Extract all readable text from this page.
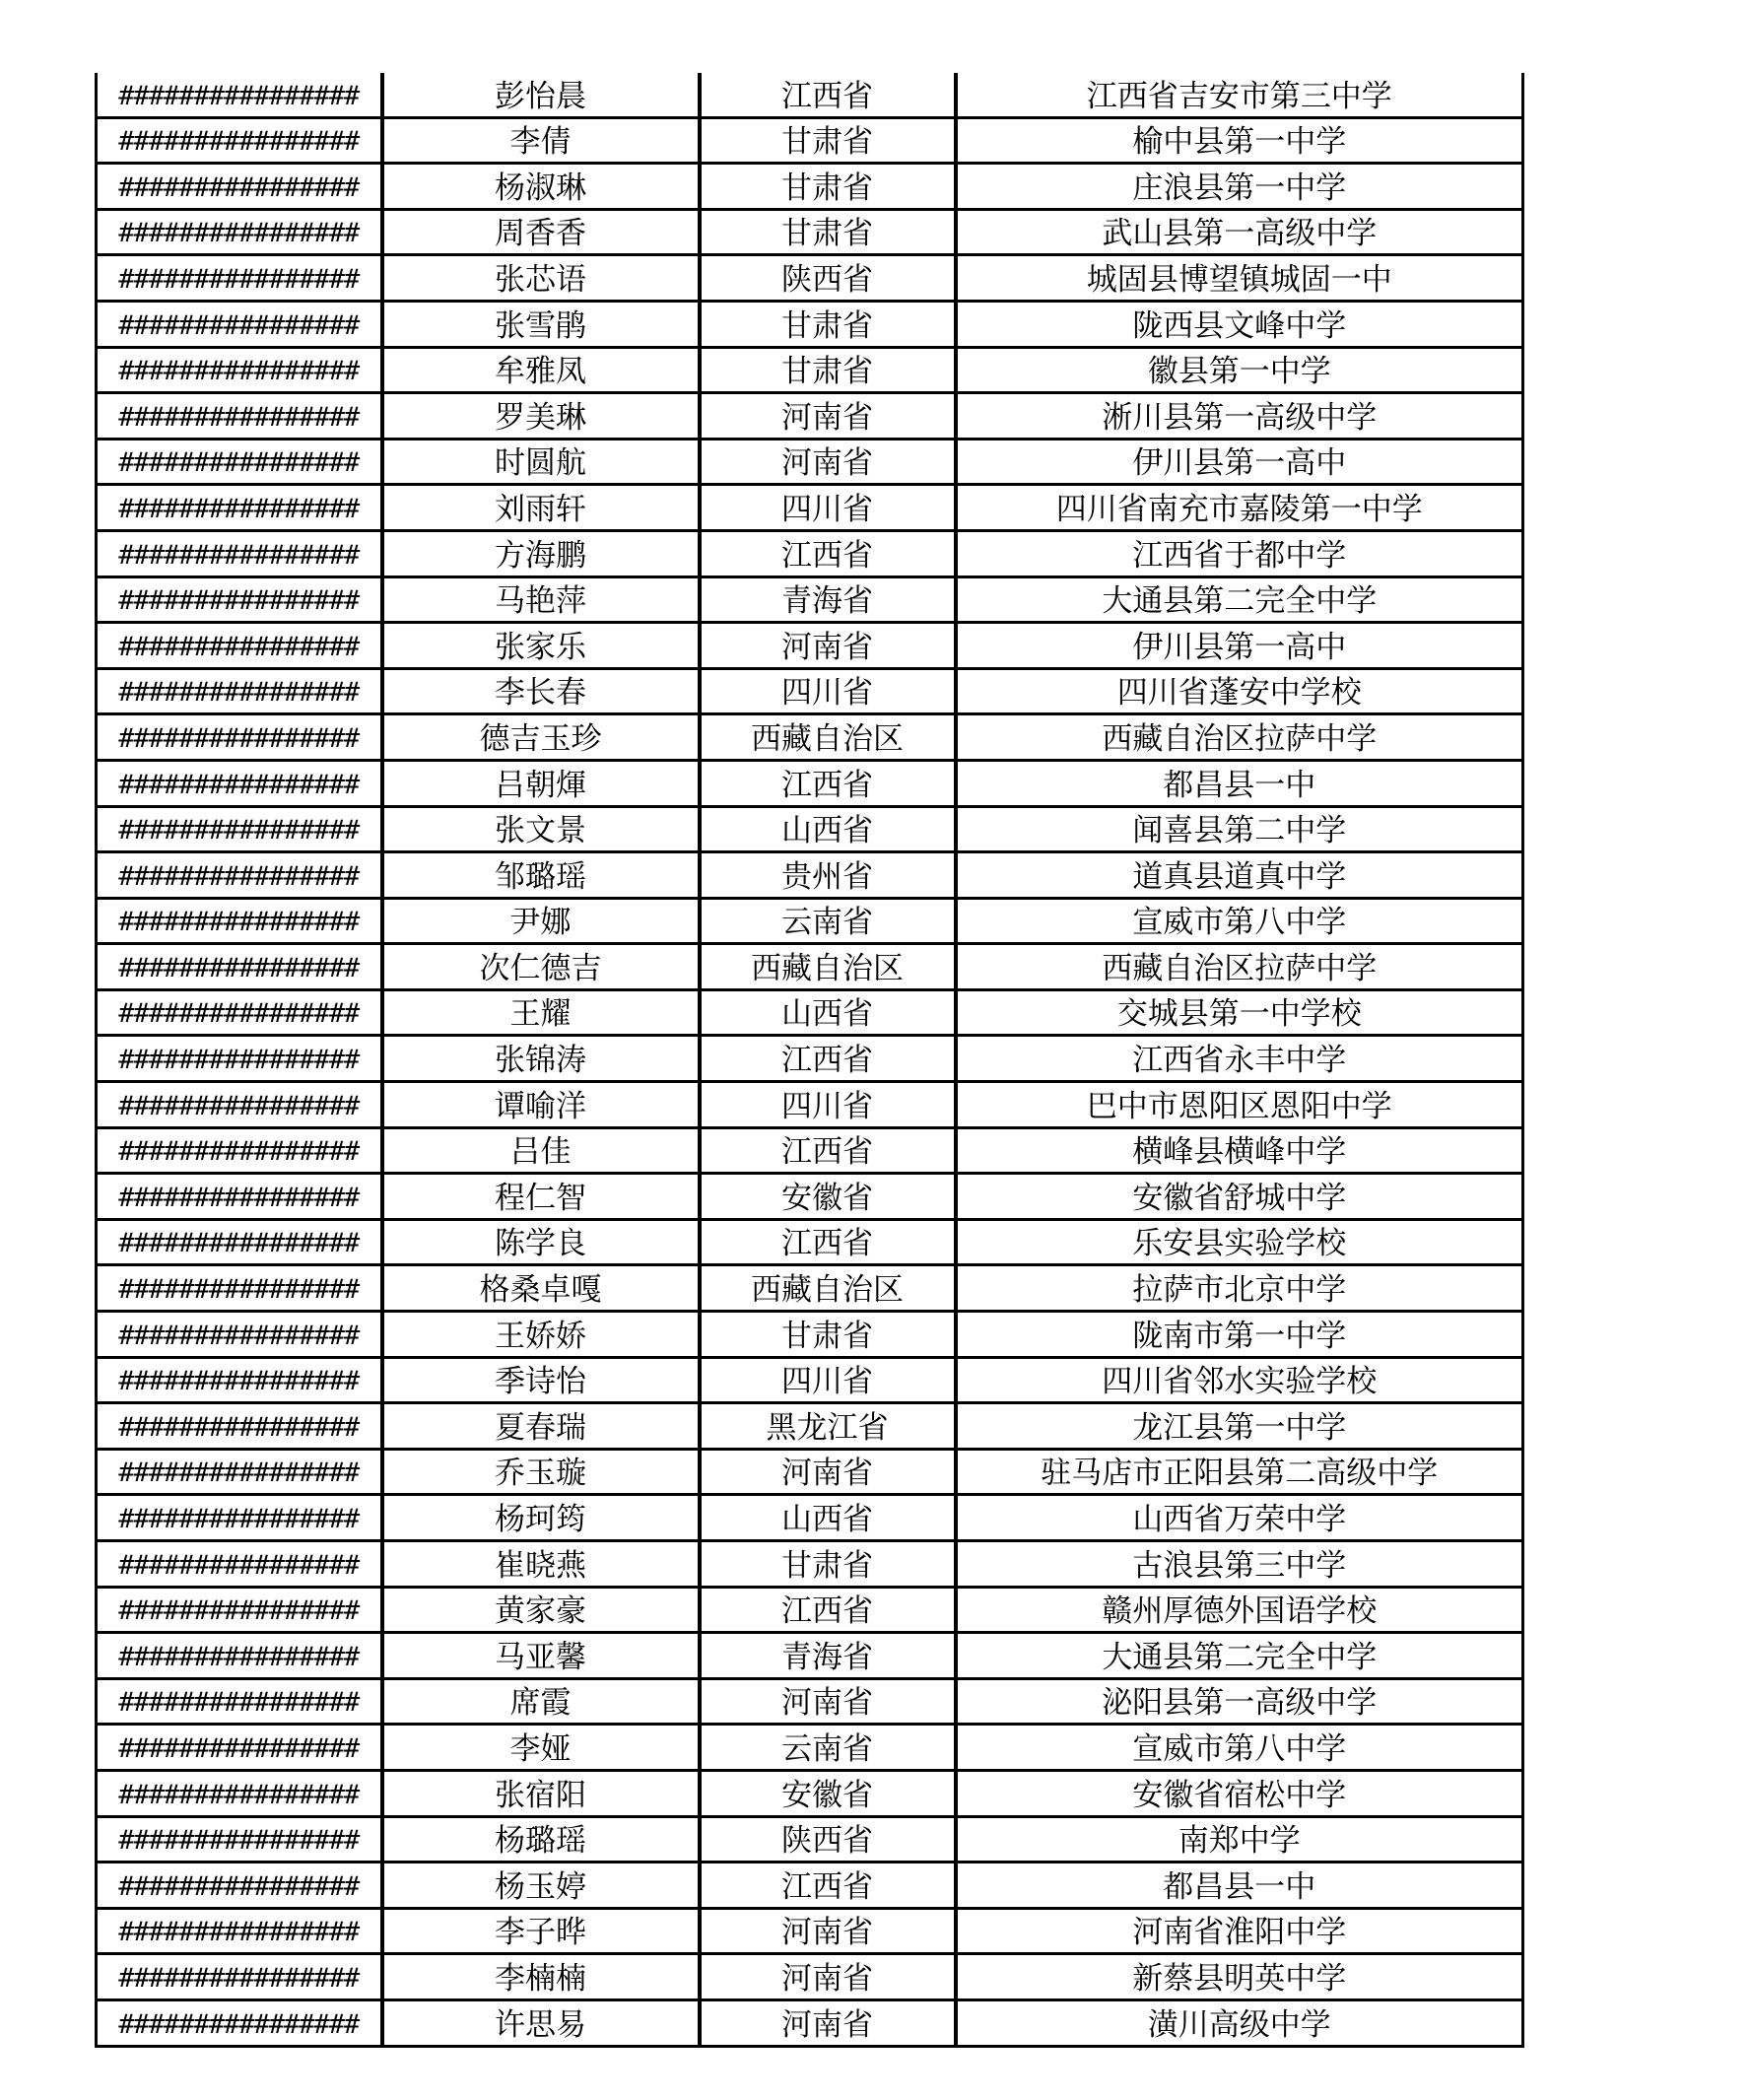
################	彭怡晨	江西省	江西省吉安市第三中学
################	李倩	甘肃省	榆中县第一中学
################	杨淑琳	甘肃省	庄浪县第一中学
################	周香香	甘肃省	武山县第一高级中学
################	张芯语	陕西省	城固县博望镇城固一中
################	张雪鹃	甘肃省	陇西县文峰中学
################	牟雅凤	甘肃省	徽县第一中学
################	罗美琳	河南省	淅川县第一高级中学
################	时圆航	河南省	伊川县第一高中
################	刘雨轩	四川省	四川省南充市嘉陵第一中学
################	方海鹏	江西省	江西省于都中学
################	马艳萍	青海省	大通县第二完全中学
################	张家乐	河南省	伊川县第一高中
################	李长春	四川省	四川省蓬安中学校
################	德吉玉珍	西藏自治区	西藏自治区拉萨中学
################	吕朝煇	江西省	都昌县一中
################	张文景	山西省	闻喜县第二中学
################	邹璐瑶	贵州省	道真县道真中学
################	尹娜	云南省	宣威市第八中学
################	次仁德吉	西藏自治区	西藏自治区拉萨中学
################	王耀	山西省	交城县第一中学校
################	张锦涛	江西省	江西省永丰中学
################	谭喻洋	四川省	巴中市恩阳区恩阳中学
################	吕佳	江西省	横峰县横峰中学
################	程仁智	安徽省	安徽省舒城中学
################	陈学良	江西省	乐安县实验学校
################	格桑卓嘎	西藏自治区	拉萨市北京中学
################	王娇娇	甘肃省	陇南市第一中学
################	季诗怡	四川省	四川省邻水实验学校
################	夏春瑞	黑龙江省	龙江县第一中学
################	乔玉璇	河南省	驻马店市正阳县第二高级中学
################	杨珂筠	山西省	山西省万荣中学
################	崔晓燕	甘肃省	古浪县第三中学
################	黄家豪	江西省	赣州厚德外国语学校
################	马亚馨	青海省	大通县第二完全中学
################	席霞	河南省	泌阳县第一高级中学
################	李娅	云南省	宣威市第八中学
################	张宿阳	安徽省	安徽省宿松中学
################	杨璐瑶	陕西省	南郑中学
################	杨玉婷	江西省	都昌县一中
################	李子晔	河南省	河南省淮阳中学
################	李楠楠	河南省	新蔡县明英中学
################	许思易	河南省	潢川高级中学
